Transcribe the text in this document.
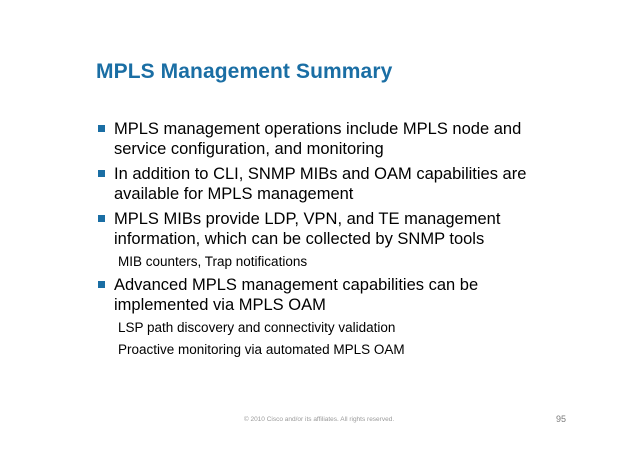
MPLS Management Summary
MPLS management operations include MPLS node and service configuration, and monitoring
In addition to CLI, SNMP MIBs and OAM capabilities are available for MPLS management
MPLS MIBs provide LDP, VPN, and TE management information, which can be collected by SNMP tools
MIB counters, Trap notifications
Advanced MPLS management capabilities can be implemented via MPLS OAM
LSP path discovery and connectivity validation
Proactive monitoring via automated MPLS OAM
© 2010 Cisco and/or its affiliates. All rights reserved.	95
